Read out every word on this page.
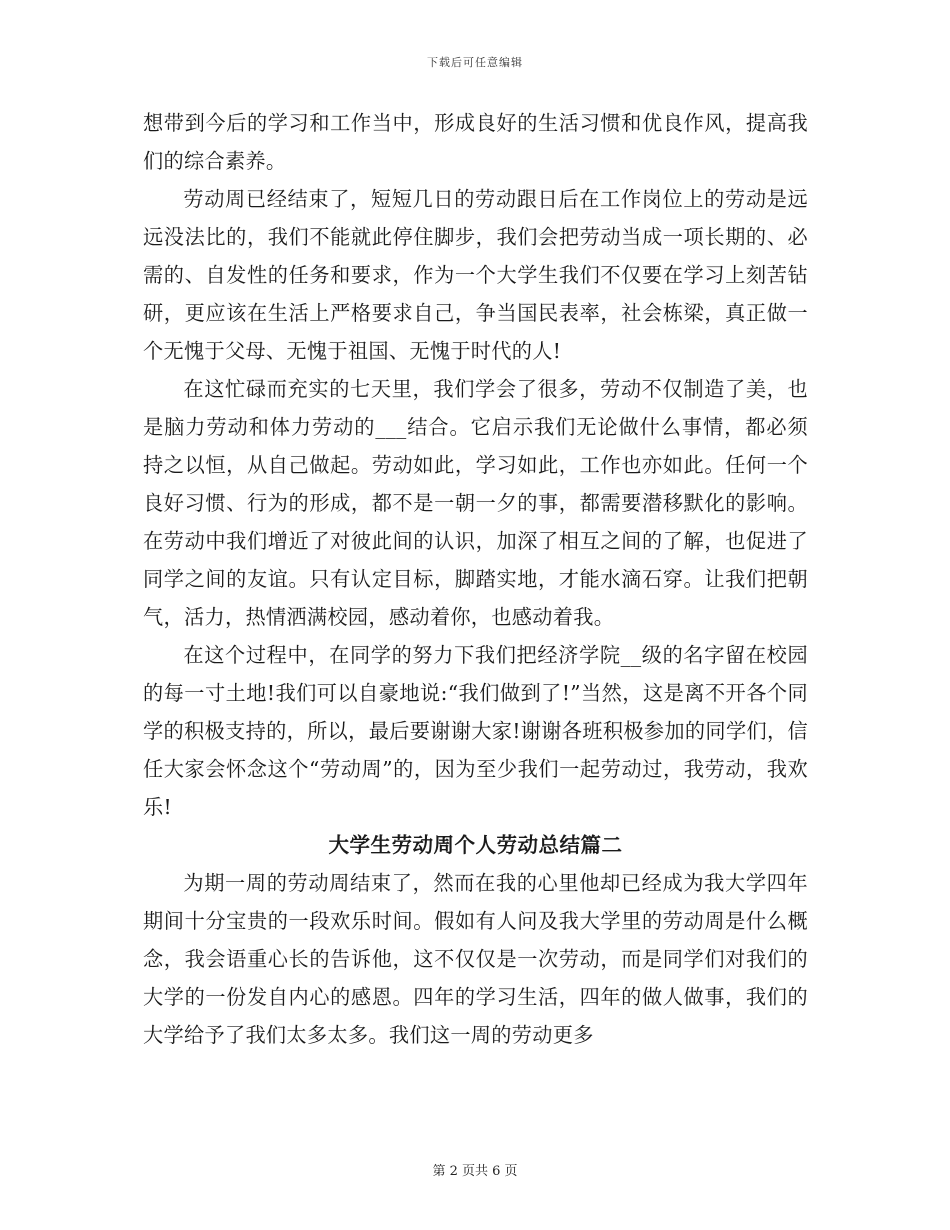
下载后可任意编辑

想带到今后的学习和工作当中，形成良好的生活习惯和优良作风，提高我们的综合素养。

劳动周已经结束了，短短几日的劳动跟日后在工作岗位上的劳动是远远没法比的，我们不能就此停住脚步，我们会把劳动当成一项长期的、必需的、自发性的任务和要求，作为一个大学生我们不仅要在学习上刻苦钻研，更应该在生活上严格要求自己，争当国民表率，社会栋梁，真正做一个无愧于父母、无愧于祖国、无愧于时代的人!

在这忙碌而充实的七天里，我们学会了很多，劳动不仅制造了美，也是脑力劳动和体力劳动的___结合。它启示我们无论做什么事情，都必须持之以恒，从自己做起。劳动如此，学习如此，工作也亦如此。任何一个良好习惯、行为的形成，都不是一朝一夕的事，都需要潜移默化的影响。在劳动中我们增近了对彼此间的认识，加深了相互之间的了解，也促进了同学之间的友谊。只有认定目标，脚踏实地，才能水滴石穿。让我们把朝气，活力，热情洒满校园，感动着你，也感动着我。

在这个过程中，在同学的努力下我们把经济学院__级的名字留在校园的每一寸土地!我们可以自豪地说:“我们做到了!”当然，这是离不开各个同学的积极支持的，所以，最后要谢谢大家!谢谢各班积极参加的同学们，信任大家会怀念这个“劳动周”的，因为至少我们一起劳动过，我劳动，我欢乐!

大学生劳动周个人劳动总结篇二

为期一周的劳动周结束了，然而在我的心里他却已经成为我大学四年期间十分宝贵的一段欢乐时间。假如有人问及我大学里的劳动周是什么概念，我会语重心长的告诉他，这不仅仅是一次劳动，而是同学们对我们的大学的一份发自内心的感恩。四年的学习生活，四年的做人做事，我们的大学给予了我们太多太多。我们这一周的劳动更多

第 2 页共 6 页
